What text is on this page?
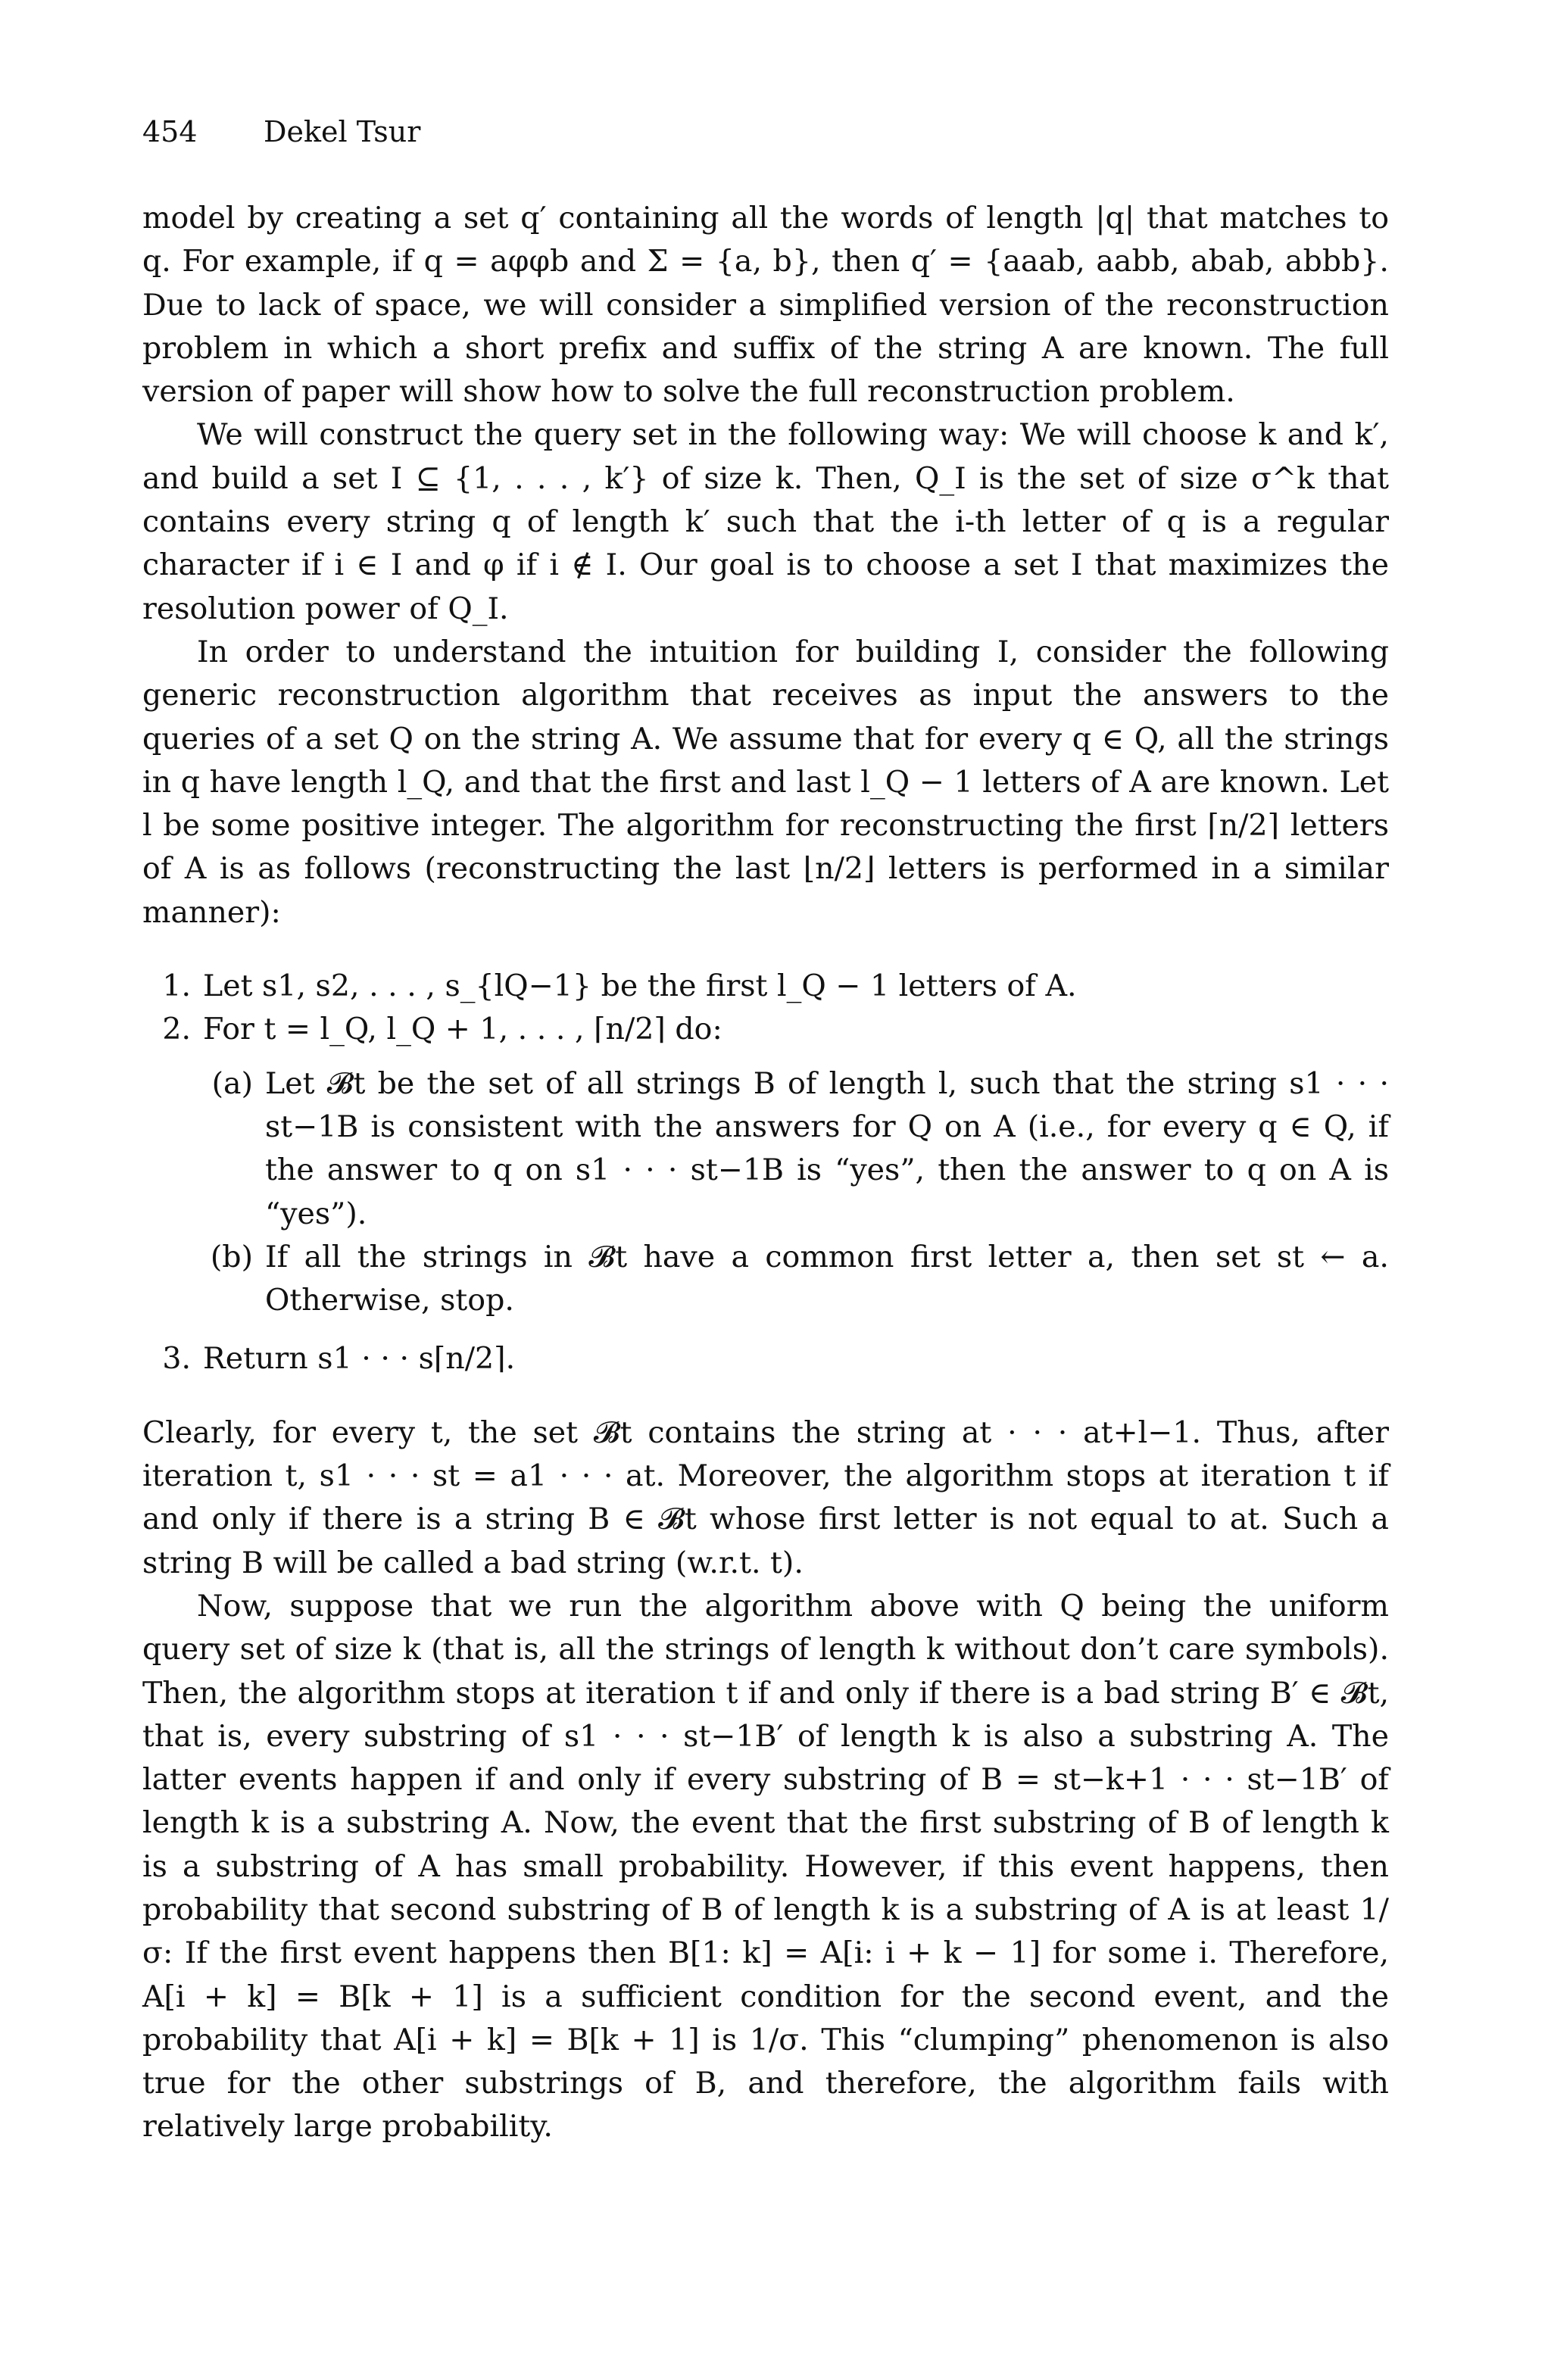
454 Dekel Tsur

model by creating a set q′ containing all the words of length |q| that matches to q. For example, if q = aφφb and Σ = {a, b}, then q′ = {aaab, aabb, abab, abbb}. Due to lack of space, we will consider a simplified version of the reconstruction problem in which a short prefix and suffix of the string A are known. The full version of paper will show how to solve the full reconstruction problem.

We will construct the query set in the following way: We will choose k and k′, and build a set I ⊆ {1, . . . , k′} of size k. Then, Q_I is the set of size σ^k that contains every string q of length k′ such that the i-th letter of q is a regular character if i ∈ I and φ if i ∉ I. Our goal is to choose a set I that maximizes the resolution power of Q_I.

In order to understand the intuition for building I, consider the following generic reconstruction algorithm that receives as input the answers to the queries of a set Q on the string A. We assume that for every q ∈ Q, all the strings in q have length l_Q, and that the first and last l_Q − 1 letters of A are known. Let l be some positive integer. The algorithm for reconstructing the first ⌈n/2⌉ letters of A is as follows (reconstructing the last ⌊n/2⌋ letters is performed in a similar manner):

1. Let s1, s2, . . . , s_{lQ−1} be the first l_Q − 1 letters of A.
2. For t = l_Q, l_Q + 1, . . . , ⌈n/2⌉ do:
(a) Let 𝓑t be the set of all strings B of length l, such that the string s1 · · · st−1B is consistent with the answers for Q on A (i.e., for every q ∈ Q, if the answer to q on s1 · · · st−1B is “yes”, then the answer to q on A is “yes”).
(b) If all the strings in 𝓑t have a common first letter a, then set st ← a. Otherwise, stop.
3. Return s1 · · · s⌈n/2⌉.

Clearly, for every t, the set 𝓑t contains the string at · · · at+l−1. Thus, after iteration t, s1 · · · st = a1 · · · at. Moreover, the algorithm stops at iteration t if and only if there is a string B ∈ 𝓑t whose first letter is not equal to at. Such a string B will be called a bad string (w.r.t. t).

Now, suppose that we run the algorithm above with Q being the uniform query set of size k (that is, all the strings of length k without don’t care symbols). Then, the algorithm stops at iteration t if and only if there is a bad string B′ ∈ 𝓑t, that is, every substring of s1 · · · st−1B′ of length k is also a substring A. The latter events happen if and only if every substring of B = st−k+1 · · · st−1B′ of length k is a substring A. Now, the event that the first substring of B of length k is a substring of A has small probability. However, if this event happens, then probability that second substring of B of length k is a substring of A is at least 1/σ: If the first event happens then B[1: k] = A[i: i + k − 1] for some i. Therefore, A[i + k] = B[k + 1] is a sufficient condition for the second event, and the probability that A[i + k] = B[k + 1] is 1/σ. This “clumping” phenomenon is also true for the other substrings of B, and therefore, the algorithm fails with relatively large probability.
